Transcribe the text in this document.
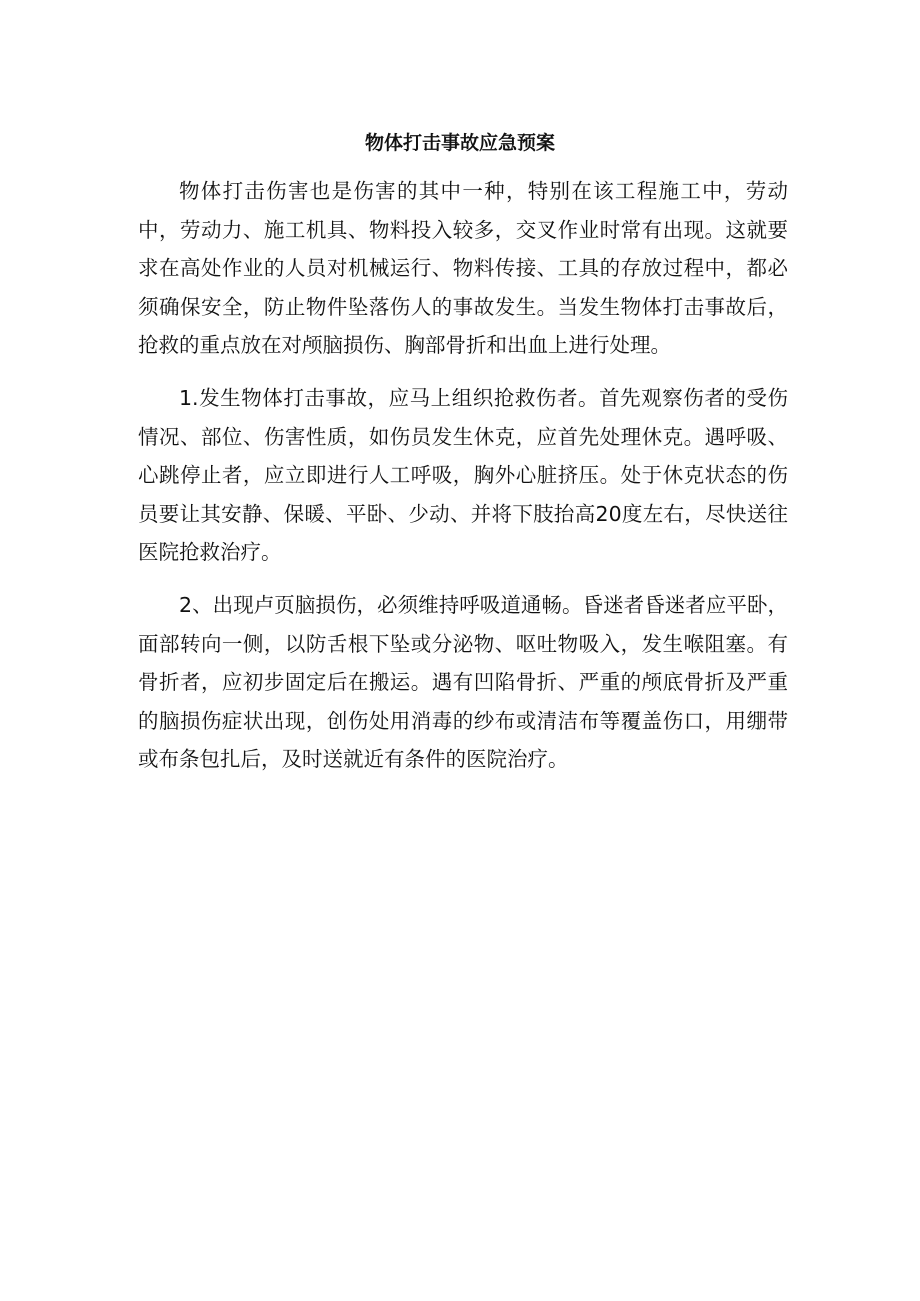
物体打击事故应急预案

物体打击伤害也是伤害的其中一种，特别在该工程施工中，劳动中，劳动力、施工机具、物料投入较多，交叉作业时常有出现。这就要求在高处作业的人员对机械运行、物料传接、工具的存放过程中，都必须确保安全，防止物件坠落伤人的事故发生。当发生物体打击事故后，抢救的重点放在对颅脑损伤、胸部骨折和出血上进行处理。

1.发生物体打击事故，应马上组织抢救伤者。首先观察伤者的受伤情况、部位、伤害性质，如伤员发生休克，应首先处理休克。遇呼吸、心跳停止者，应立即进行人工呼吸，胸外心脏挤压。处于休克状态的伤员要让其安静、保暖、平卧、少动、并将下肢抬高20度左右，尽快送往医院抢救治疗。

2、出现卢页脑损伤，必须维持呼吸道通畅。昏迷者昏迷者应平卧，面部转向一侧，以防舌根下坠或分泌物、呕吐物吸入，发生喉阻塞。有骨折者，应初步固定后在搬运。遇有凹陷骨折、严重的颅底骨折及严重的脑损伤症状出现，创伤处用消毒的纱布或清洁布等覆盖伤口，用绷带或布条包扎后，及时送就近有条件的医院治疗。
